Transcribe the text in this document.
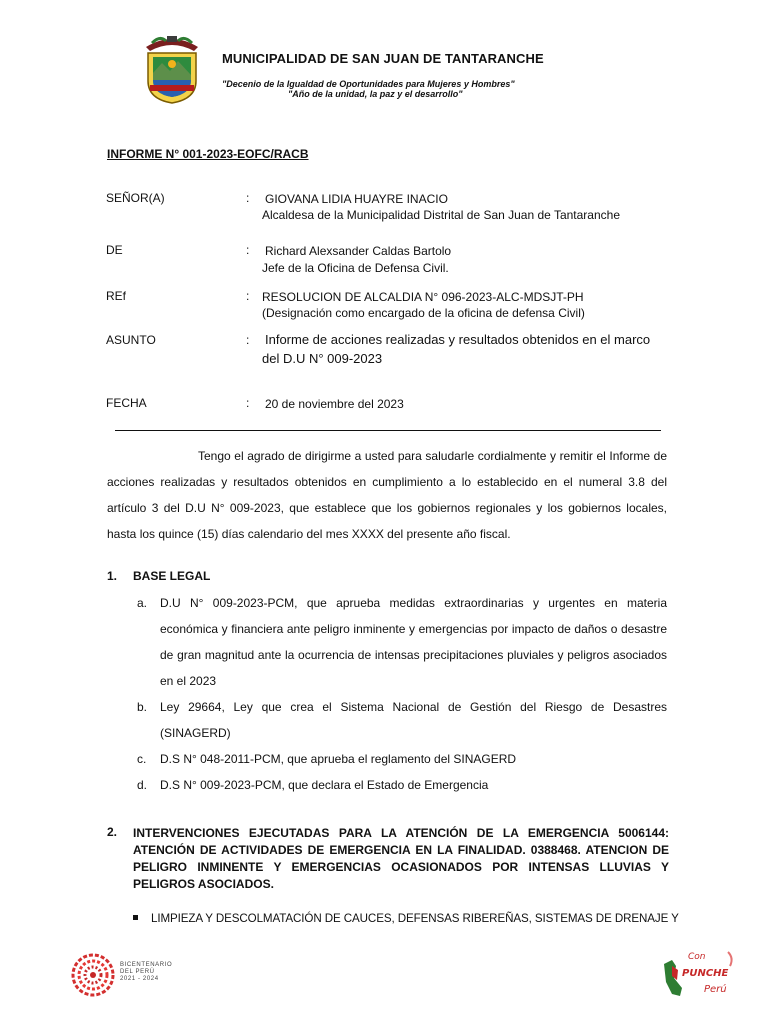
MUNICIPALIDAD DE SAN JUAN DE TANTARANCHE
"Decenio de la Igualdad de Oportunidades para Mujeres y Hombres"
"Año de la unidad, la paz y el desarrollo"
INFORME N° 001-2023-EOFC/RACB
SEÑOR(A)	: GIOVANA LIDIA HUAYRE INACIO
Alcaldesa de la Municipalidad Distrital de San Juan de Tantaranche
DE	: Richard Alexsander Caldas Bartolo
Jefe de la Oficina de Defensa Civil.
REf	: RESOLUCION DE ALCALDIA N° 096-2023-ALC-MDSJT-PH
(Designación como encargado de la oficina de defensa Civil)
ASUNTO	: Informe de acciones realizadas y resultados obtenidos en el marco
del D.U N° 009-2023
FECHA	: 20 de noviembre del 2023

Tengo el agrado de dirigirme a usted para saludarle cordialmente y remitir el Informe de acciones realizadas y resultados obtenidos en cumplimiento a lo establecido en el numeral 3.8 del artículo 3 del D.U N° 009-2023, que establece que los gobiernos regionales y los gobiernos locales, hasta los quince (15) días calendario del mes XXXX del presente año fiscal.

1. BASE LEGAL
a. D.U N° 009-2023-PCM, que aprueba medidas extraordinarias y urgentes en materia económica y financiera ante peligro inminente y emergencias por impacto de daños o desastre de gran magnitud ante la ocurrencia de intensas precipitaciones pluviales y peligros asociados en el 2023
b. Ley 29664, Ley que crea el Sistema Nacional de Gestión del Riesgo de Desastres (SINAGERD)
c. D.S N° 048-2011-PCM, que aprueba el reglamento del SINAGERD
d. D.S N° 009-2023-PCM, que declara el Estado de Emergencia
2. INTERVENCIONES EJECUTADAS PARA LA ATENCIÓN DE LA EMERGENCIA 5006144: ATENCIÓN DE ACTIVIDADES DE EMERGENCIA EN LA FINALIDAD. 0388468. ATENCION DE PELIGRO INMINENTE Y EMERGENCIAS OCASIONADOS POR INTENSAS LLUVIAS Y PELIGROS ASOCIADOS.
LIMPIEZA Y DESCOLMATACIÓN DE CAUCES, DEFENSAS RIBEREÑAS, SISTEMAS DE DRENAJE Y
BICENTENARIO
DEL PERÚ
2021 - 2024
Con
PUNCHE
Perú
